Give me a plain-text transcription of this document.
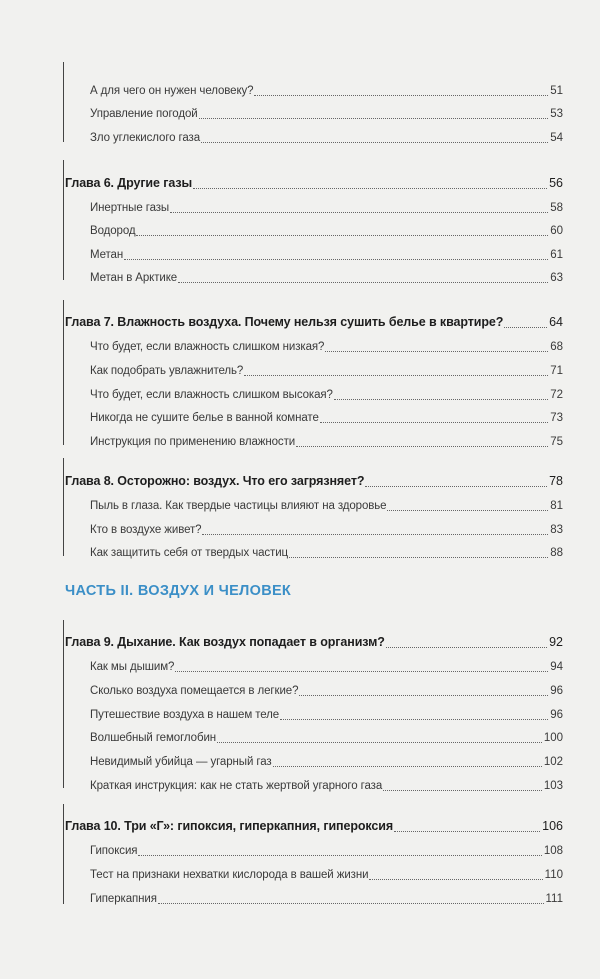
ЧАСТЬ II. ВОЗДУХ И ЧЕЛОВЕК
А для чего он нужен человеку?	51
Управление погодой	53
Зло углекислого газа	54
Глава 6. Другие газы	56
Инертные газы	58
Водород	60
Метан	61
Метан в Арктике	63
Глава 7. Влажность воздуха. Почему нельзя сушить белье в квартире?	64
Что будет, если влажность слишком низкая?	68
Как подобрать увлажнитель?	71
Что будет, если влажность слишком высокая?	72
Никогда не сушите белье в ванной комнате	73
Инструкция по применению влажности	75
Глава 8. Осторожно: воздух. Что его загрязняет?	78
Пыль в глаза. Как твердые частицы влияют на здоровье	81
Кто в воздухе живет?	83
Как защитить себя от твердых частиц	88
Глава 9. Дыхание. Как воздух попадает в организм?	92
Как мы дышим?	94
Сколько воздуха помещается в легкие?	96
Путешествие воздуха в нашем теле	96
Волшебный гемоглобин	100
Невидимый убийца — угарный газ	102
Краткая инструкция: как не стать жертвой угарного газа	103
Глава 10. Три «Г»: гипоксия, гиперкапния, гипероксия	106
Гипоксия	108
Тест на признаки нехватки кислорода в вашей жизни	110
Гиперкапния	111
